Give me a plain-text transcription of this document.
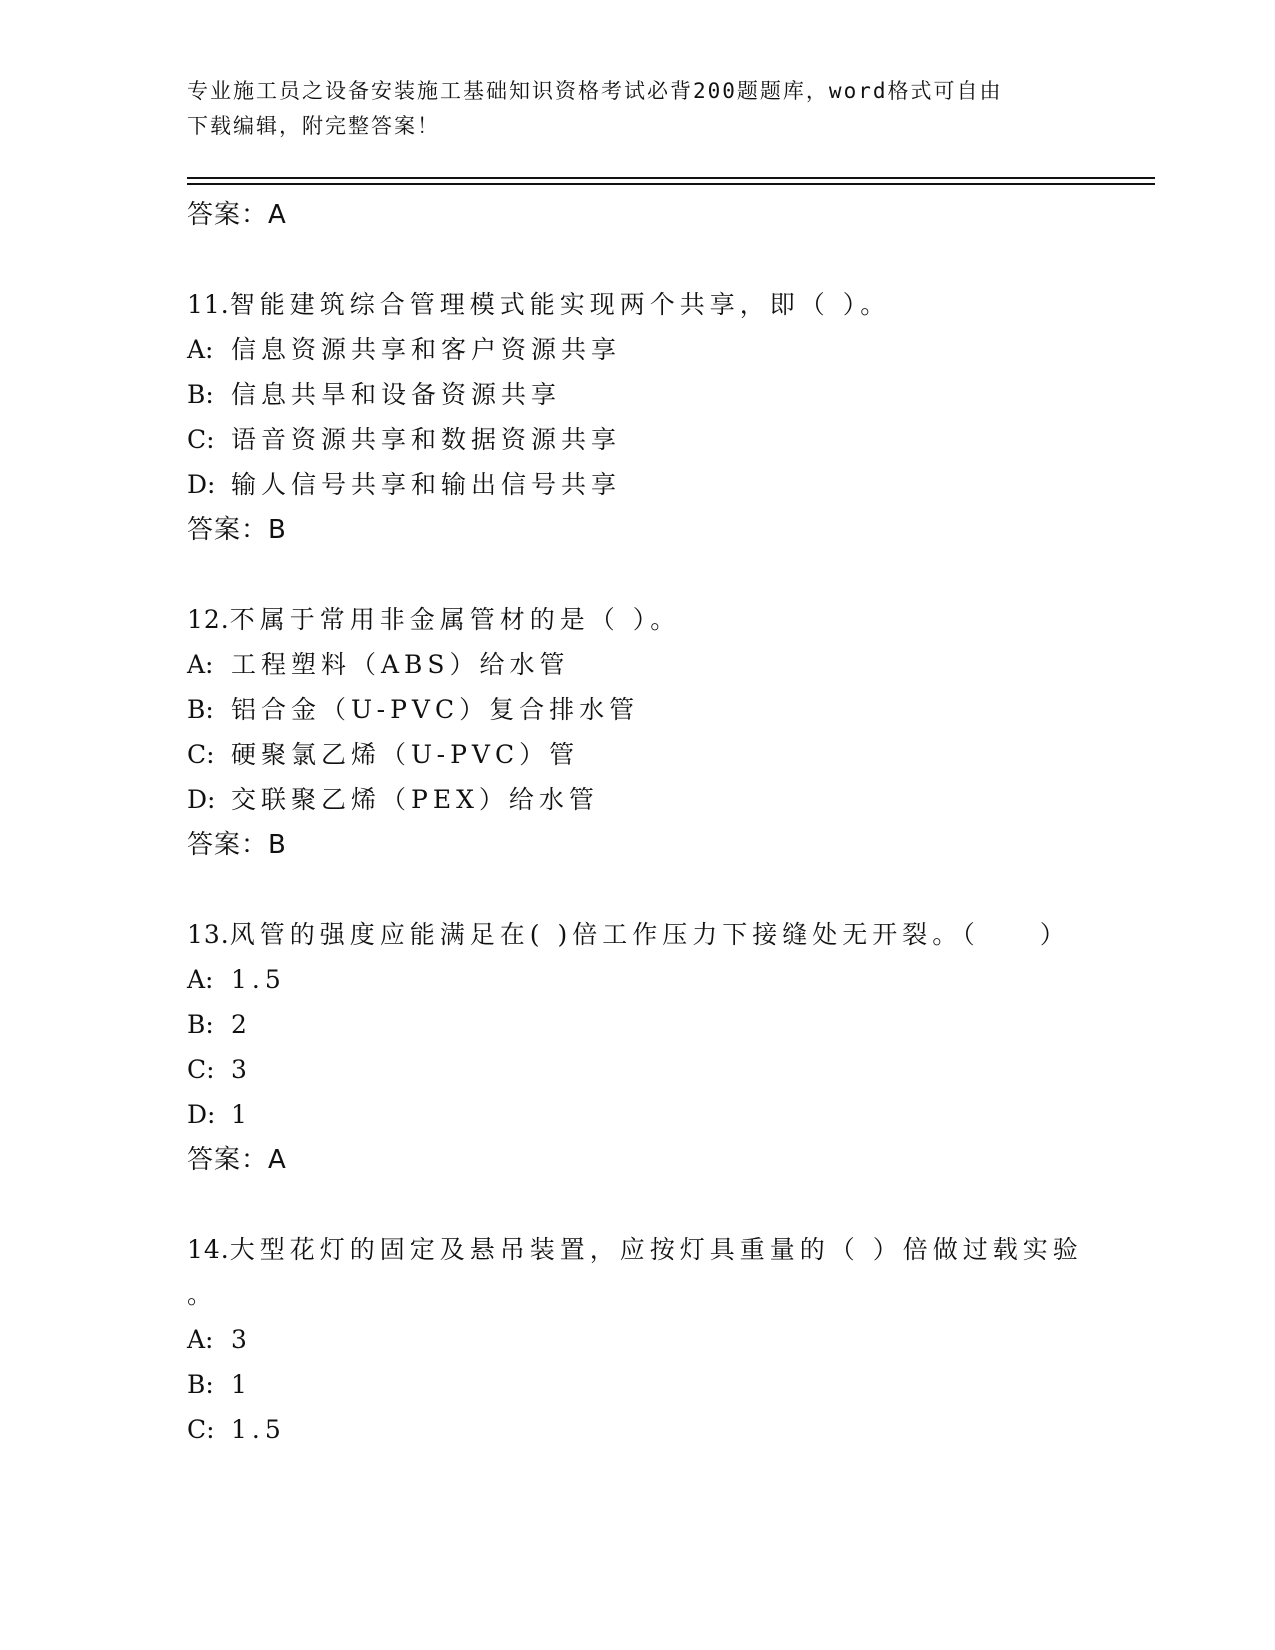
专业施工员之设备安装施工基础知识资格考试必背200题题库，word格式可自由
下载编辑，附完整答案！
答案：A
11.智能建筑综合管理模式能实现两个共享，即（ ）。
A: 信息资源共享和客户资源共享
B: 信息共旱和设备资源共享
C: 语音资源共享和数据资源共享
D: 输人信号共享和输出信号共享
答案：B
12.不属于常用非金属管材的是（ ）。
A: 工程塑料（ABS）给水管
B: 铝合金（U-PVC）复合排水管
C: 硬聚氯乙烯（U-PVC）管
D: 交联聚乙烯（PEX）给水管
答案：B
13.风管的强度应能满足在( )倍工作压力下接缝处无开裂。（　　）
A: 1.5
B: 2
C: 3
D: 1
答案：A
14.大型花灯的固定及悬吊装置，应按灯具重量的（ ）倍做过载实验
。
A: 3
B: 1
C: 1.5
